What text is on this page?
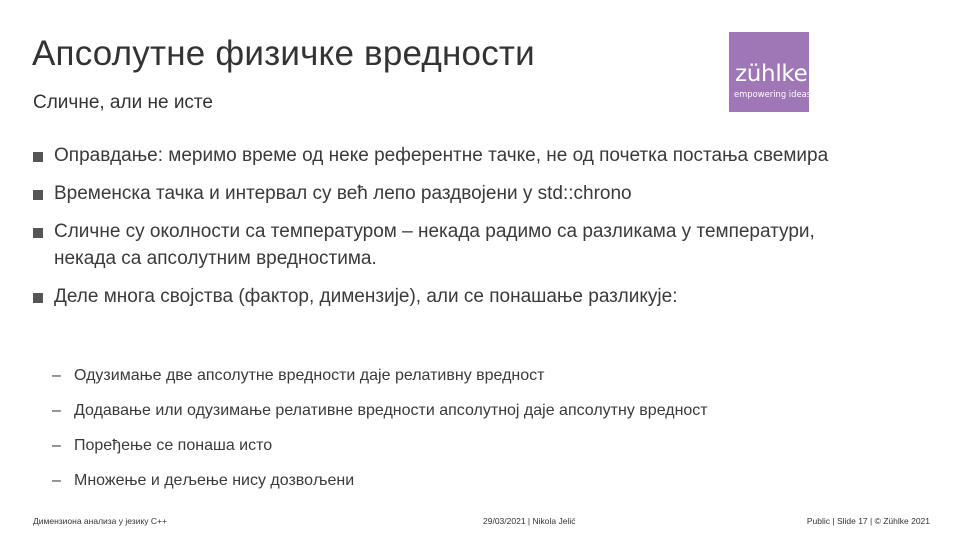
Апсолутне физичке вредности
Сличне, али не исте
zühlke
empowering ideas
Оправдање: меримо време од неке референтне тачке, не од почетка постања свемира
Временска тачка и интервал су већ лепо раздвојени у std::chrono
Сличне су околности са температуром – некада радимо са разликама у температури, некада са апсолутним вредностима.
Деле многа својства (фактор, димензије), али се понашање разликује:
– Одузимање две апсолутне вредности даје релативну вредност
– Додавање или одузимање релативне вредности апсолутној даје апсолутну вредност
– Поређење се понаша исто
– Множење и дељење нису дозвољени
Димензиона анализа у језику C++	29/03/2021 | Nikola Jelić	Public | Slide 17 | © Zühlke 2021
